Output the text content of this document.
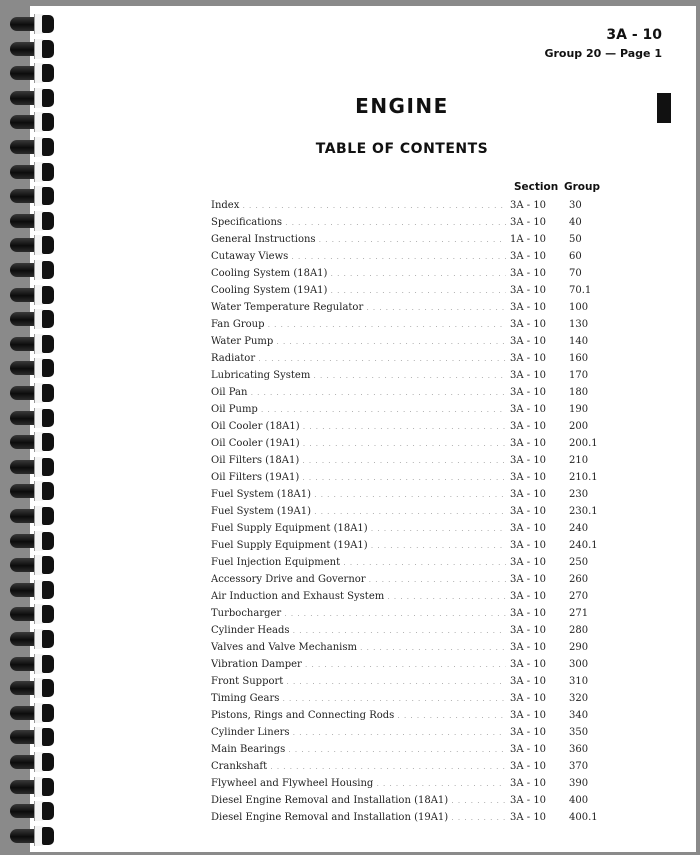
3A - 10
Group 20 — Page 1
ENGINE
TABLE OF CONTENTS
Section Group
Index . . .	3A - 10	30
Specifications . . .	3A - 10	40
General Instructions . . .	1A - 10	50
Cutaway Views . . .	3A - 10	60
Cooling System (18A1) . . .	3A - 10	70
Cooling System (19A1) . . .	3A - 10	70.1
Water Temperature Regulator . . .	3A - 10	100
Fan Group . . .	3A - 10	130
Water Pump . . .	3A - 10	140
Radiator . . .	3A - 10	160
Lubricating System . . .	3A - 10	170
Oil Pan . . .	3A - 10	180
Oil Pump . . .	3A - 10	190
Oil Cooler (18A1) . . .	3A - 10	200
Oil Cooler (19A1) . . .	3A - 10	200.1
Oil Filters (18A1) . . .	3A - 10	210
Oil Filters (19A1) . . .	3A - 10	210.1
Fuel System (18A1) . . .	3A - 10	230
Fuel System (19A1) . . .	3A - 10	230.1
Fuel Supply Equipment (18A1) . . .	3A - 10	240
Fuel Supply Equipment (19A1) . . .	3A - 10	240.1
Fuel Injection Equipment . . .	3A - 10	250
Accessory Drive and Governor . . .	3A - 10	260
Air Induction and Exhaust System . . .	3A - 10	270
Turbocharger . . .	3A - 10	271
Cylinder Heads . . .	3A - 10	280
Valves and Valve Mechanism . . .	3A - 10	290
Vibration Damper . . .	3A - 10	300
Front Support . . .	3A - 10	310
Timing Gears . . .	3A - 10	320
Pistons, Rings and Connecting Rods . . .	3A - 10	340
Cylinder Liners . . .	3A - 10	350
Main Bearings . . .	3A - 10	360
Crankshaft . . .	3A - 10	370
Flywheel and Flywheel Housing . . .	3A - 10	390
Diesel Engine Removal and Installation (18A1) . . .	3A - 10	400
Diesel Engine Removal and Installation (19A1) . . .	3A - 10	400.1
